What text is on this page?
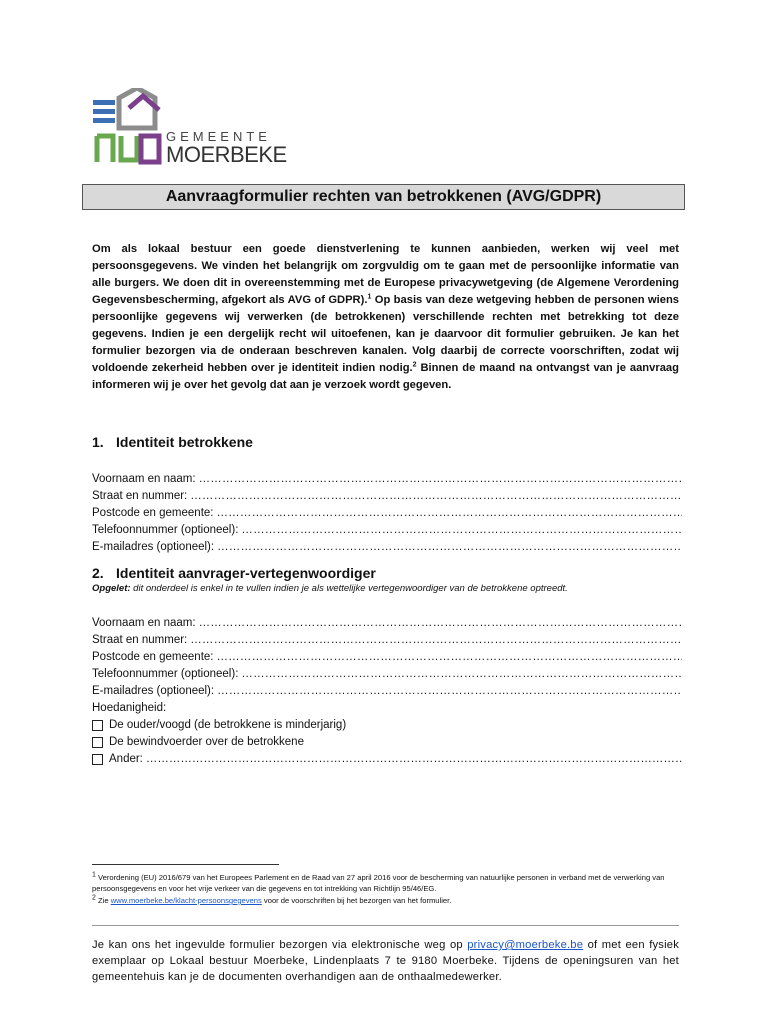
GEMEENTE
MOERBEKE
Aanvraagformulier rechten van betrokkenen (AVG/GDPR)

Om als lokaal bestuur een goede dienstverlening te kunnen aanbieden, werken wij veel met persoonsgegevens. We vinden het belangrijk om zorgvuldig om te gaan met de persoonlijke informatie van alle burgers. We doen dit in overeenstemming met de Europese privacywetgeving (de Algemene Verordening Gegevensbescherming, afgekort als AVG of GDPR).$^1$ Op basis van deze wetgeving hebben de personen wiens persoonlijke gegevens wij verwerken (de betrokkenen) verschillende rechten met betrekking tot deze gegevens. Indien je een dergelijk recht wil uitoefenen, kan je daarvoor dit formulier gebruiken. Je kan het formulier bezorgen via de onderaan beschreven kanalen. Volg daarbij de correcte voorschriften, zodat wij voldoende zekerheid hebben over je identiteit indien nodig.$^2$ Binnen de maand na ontvangst van je aanvraag informeren wij je over het gevolg dat aan je verzoek wordt gegeven.

1. Identiteit betrokkene
Voornaam en naam:
…………………………………………………………………………………………………………………………………………………………………………………………………………
Straat en nummer:
…………………………………………………………………………………………………………………………………………………………………………………………………………
Postcode en gemeente:
…………………………………………………………………………………………………………………………………………………………………………………………………………
Telefoonnummer (optioneel):
…………………………………………………………………………………………………………………………………………………………………………………………………………
E-mailadres (optioneel):
…………………………………………………………………………………………………………………………………………………………………………………………………………
2. Identiteit aanvrager-vertegenwoordiger
Opgelet: dit onderdeel is enkel in te vullen indien je als wettelijke vertegenwoordiger van de betrokkene optreedt.
Voornaam en naam:
…………………………………………………………………………………………………………………………………………………………………………………………………………
Straat en nummer:
…………………………………………………………………………………………………………………………………………………………………………………………………………
Postcode en gemeente:
…………………………………………………………………………………………………………………………………………………………………………………………………………
Telefoonnummer (optioneel):
…………………………………………………………………………………………………………………………………………………………………………………………………………
E-mailadres (optioneel):
…………………………………………………………………………………………………………………………………………………………………………………………………………
Hoedanigheid:
De ouder/voogd (de betrokkene is minderjarig)
De bewindvoerder over de betrokkene
Ander:
…………………………………………………………………………………………………………………………………………………………………………………………………………
$^1$ Verordening (EU) 2016/679 van het Europees Parlement en de Raad van 27 april 2016 voor de bescherming van natuurlijke personen in verband met de verwerking van persoonsgegevens en voor het vrije verkeer van die gegevens en tot intrekking van Richtlijn 95/46/EG.
$^2$ Zie www.moerbeke.be/klacht-persoonsgegevens voor de voorschriften bij het bezorgen van het formulier.
Je kan ons het ingevulde formulier bezorgen via elektronische weg op privacy@moerbeke.be of met een fysiek exemplaar op Lokaal bestuur Moerbeke, Lindenplaats 7 te 9180 Moerbeke. Tijdens de openingsuren van het gemeentehuis kan je de documenten overhandigen aan de onthaalmedewerker.
